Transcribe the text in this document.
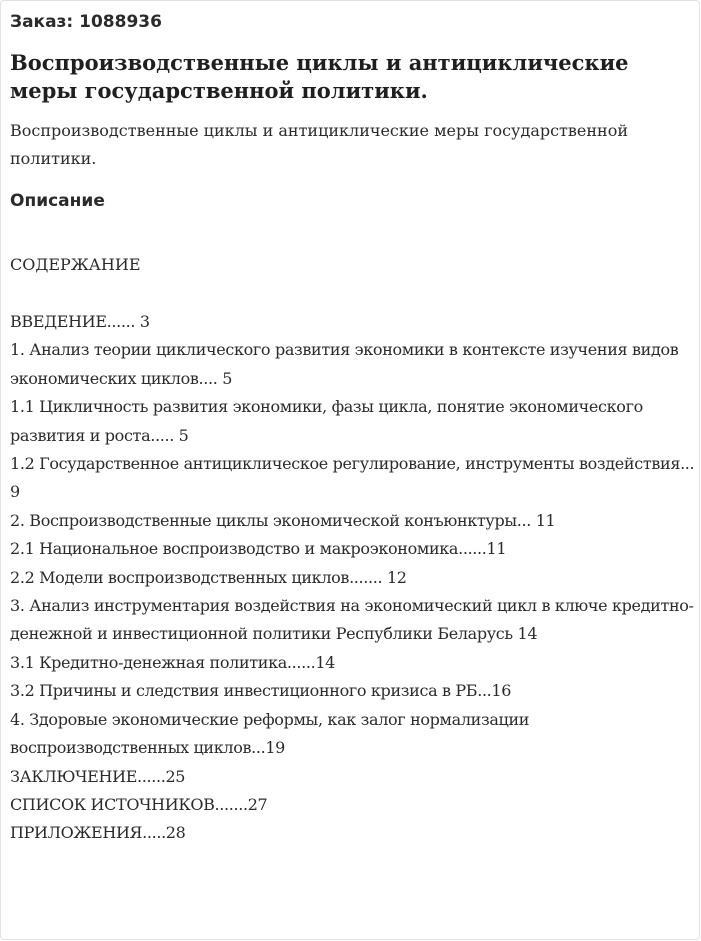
Заказ: 1088936
Воспроизводственные циклы и антициклические меры государственной политики.

Воспроизводственные циклы и антициклические меры государственной политики.

Описание
СОДЕРЖАНИЕ
ВВЕДЕНИЕ...... 3
1. Анализ теории циклического развития экономики в контексте изучения видов экономических циклов.... 5
1.1 Цикличность развития экономики, фазы цикла, понятие экономического развития и роста..... 5
1.2 Государственное антициклическое регулирование, инструменты воздействия... 9
2. Воспроизводственные циклы экономической конъюнктуры... 11
2.1 Национальное воспроизводство и макроэкономика......11
2.2 Модели воспроизводственных циклов....... 12
3. Анализ инструментария воздействия на экономический цикл в ключе кредитно-денежной и инвестиционной политики Республики Беларусь 14
3.1 Кредитно-денежная политика......14
3.2 Причины и следствия инвестиционного кризиса в РБ...16
4. Здоровые экономические реформы, как залог нормализации воспроизводственных циклов...19
ЗАКЛЮЧЕНИЕ......25
СПИСОК ИСТОЧНИКОВ.......27
ПРИЛОЖЕНИЯ.....28
